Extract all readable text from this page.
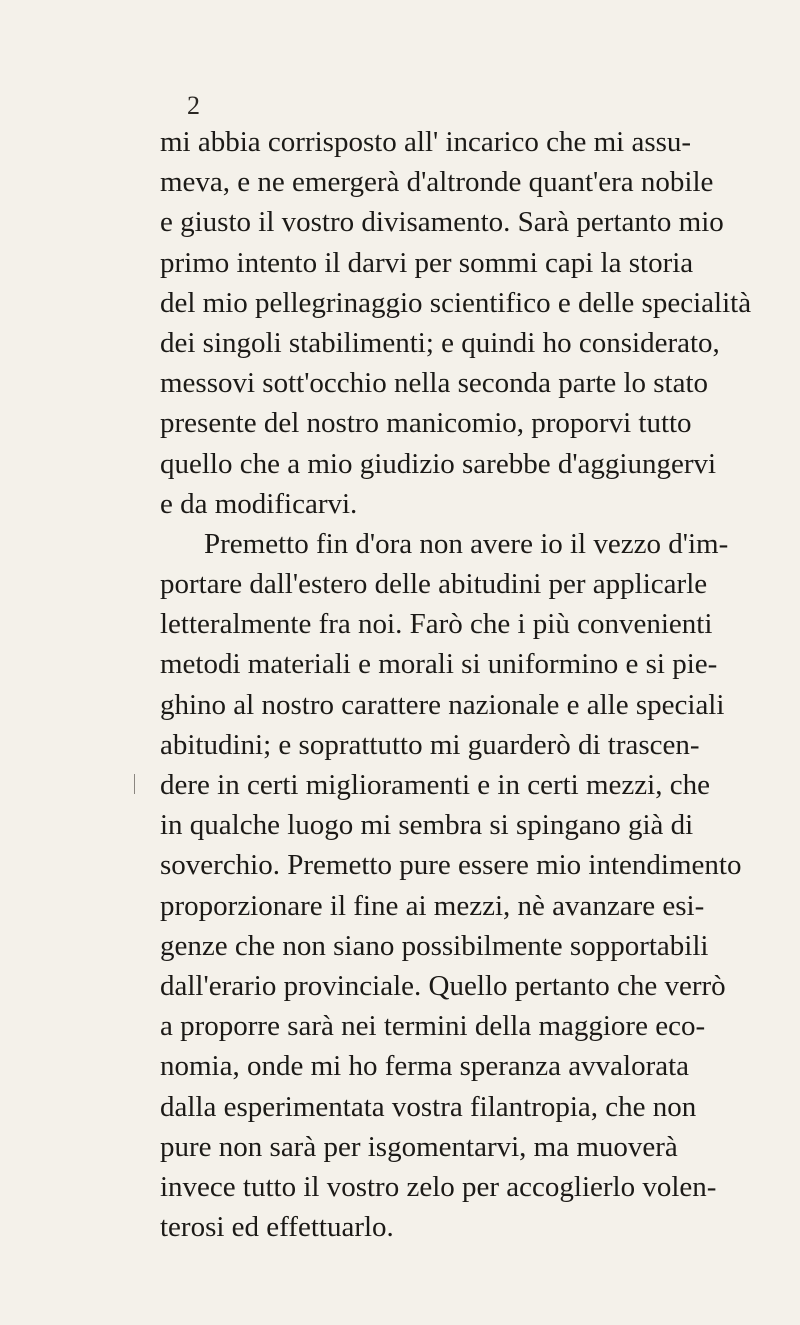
2
mi abbia corrisposto all' incarico che mi assu-
meva, e ne emergerà d'altronde quant'era nobile
e giusto il vostro divisamento. Sarà pertanto mio
primo intento il darvi per sommi capi la storia
del mio pellegrinaggio scientifico e delle specialità
dei singoli stabilimenti; e quindi ho considerato,
messovi sott'occhio nella seconda parte lo stato
presente del nostro manicomio, proporvi tutto
quello che a mio giudizio sarebbe d'aggiungervi
e da modificarvi.
Premetto fin d'ora non avere io il vezzo d'im-
portare dall'estero delle abitudini per applicarle
letteralmente fra noi. Farò che i più convenienti
metodi materiali e morali si uniformino e si pie-
ghino al nostro carattere nazionale e alle speciali
abitudini; e soprattutto mi guarderò di trascen-
dere in certi miglioramenti e in certi mezzi, che
in qualche luogo mi sembra si spingano già di
soverchio. Premetto pure essere mio intendimento
proporzionare il fine ai mezzi, nè avanzare esi-
genze che non siano possibilmente sopportabili
dall'erario provinciale. Quello pertanto che verrò
a proporre sarà nei termini della maggiore eco-
nomia, onde mi ho ferma speranza avvalorata
dalla esperimentata vostra filantropia, che non
pure non sarà per isgomentarvi, ma muoverà
invece tutto il vostro zelo per accoglierlo volen-
terosi ed effettuarlo.
